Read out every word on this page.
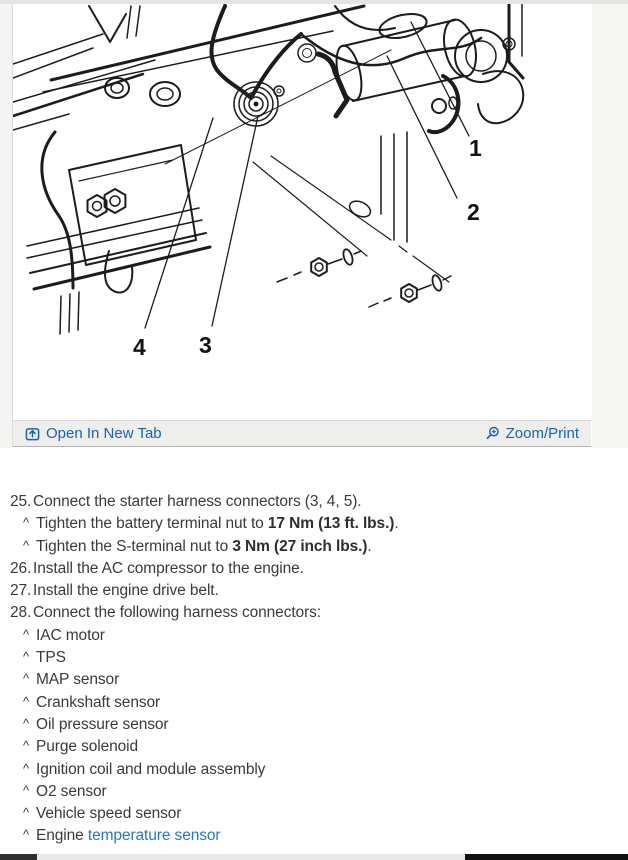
1
2
3
4
Open In New Tab	Zoom/Print
25. Connect the starter harness connectors (3, 4, 5).
^ Tighten the battery terminal nut to 17 Nm (13 ft. lbs.).
^ Tighten the S-terminal nut to 3 Nm (27 inch lbs.).
26. Install the AC compressor to the engine.
27. Install the engine drive belt.
28. Connect the following harness connectors:
^ IAC motor
^ TPS
^ MAP sensor
^ Crankshaft sensor
^ Oil pressure sensor
^ Purge solenoid
^ Ignition coil and module assembly
^ O2 sensor
^ Vehicle speed sensor
^ Engine temperature sensor
